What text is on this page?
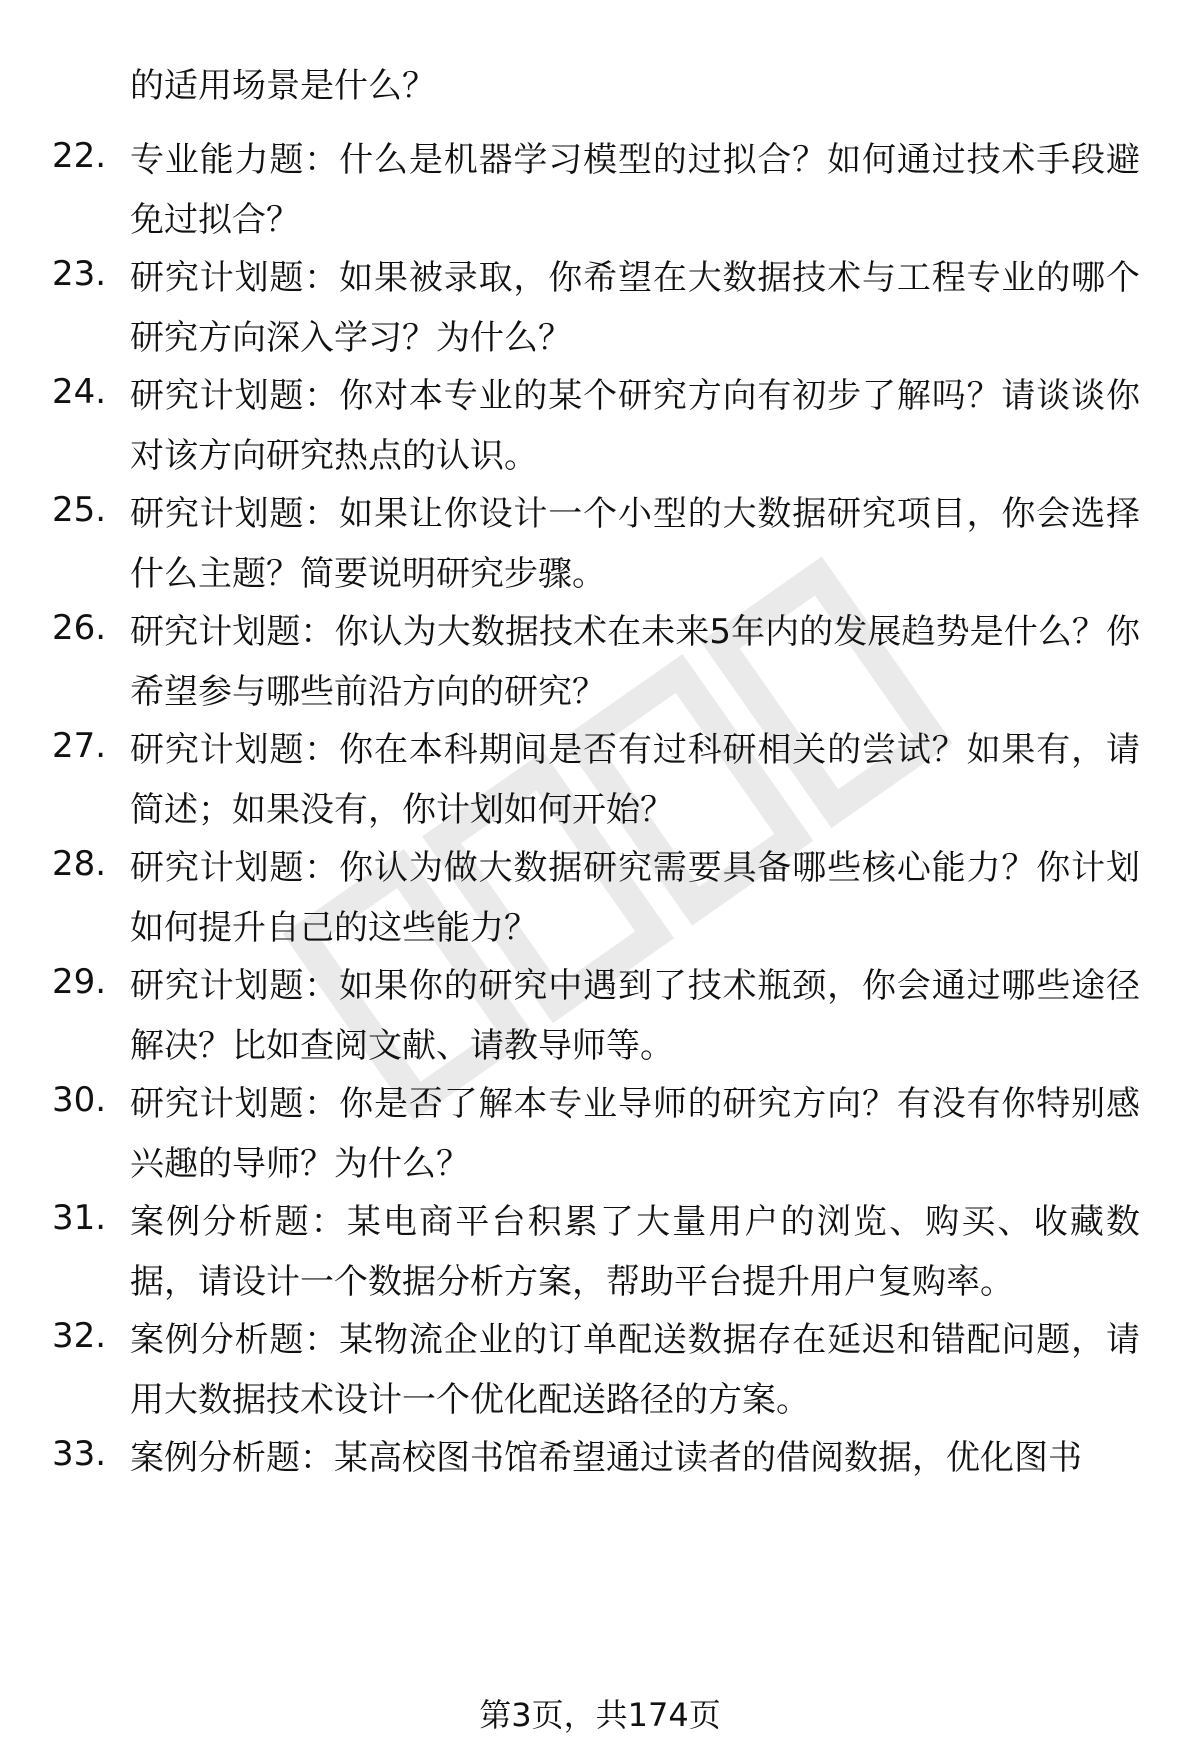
的适用场景是什么？
22. 专业能力题：什么是机器学习模型的过拟合？如何通过技术手段避免过拟合？
23. 研究计划题：如果被录取，你希望在大数据技术与工程专业的哪个研究方向深入学习？为什么？
24. 研究计划题：你对本专业的某个研究方向有初步了解吗？请谈谈你对该方向研究热点的认识。
25. 研究计划题：如果让你设计一个小型的大数据研究项目，你会选择什么主题？简要说明研究步骤。
26. 研究计划题：你认为大数据技术在未来5年内的发展趋势是什么？你希望参与哪些前沿方向的研究？
27. 研究计划题：你在本科期间是否有过科研相关的尝试？如果有，请简述；如果没有，你计划如何开始？
28. 研究计划题：你认为做大数据研究需要具备哪些核心能力？你计划如何提升自己的这些能力？
29. 研究计划题：如果你的研究中遇到了技术瓶颈，你会通过哪些途径解决？比如查阅文献、请教导师等。
30. 研究计划题：你是否了解本专业导师的研究方向？有没有你特别感兴趣的导师？为什么？
31. 案例分析题：某电商平台积累了大量用户的浏览、购买、收藏数据，请设计一个数据分析方案，帮助平台提升用户复购率。
32. 案例分析题：某物流企业的订单配送数据存在延迟和错配问题，请用大数据技术设计一个优化配送路径的方案。
33. 案例分析题：某高校图书馆希望通过读者的借阅数据，优化图书
第3页，共174页
